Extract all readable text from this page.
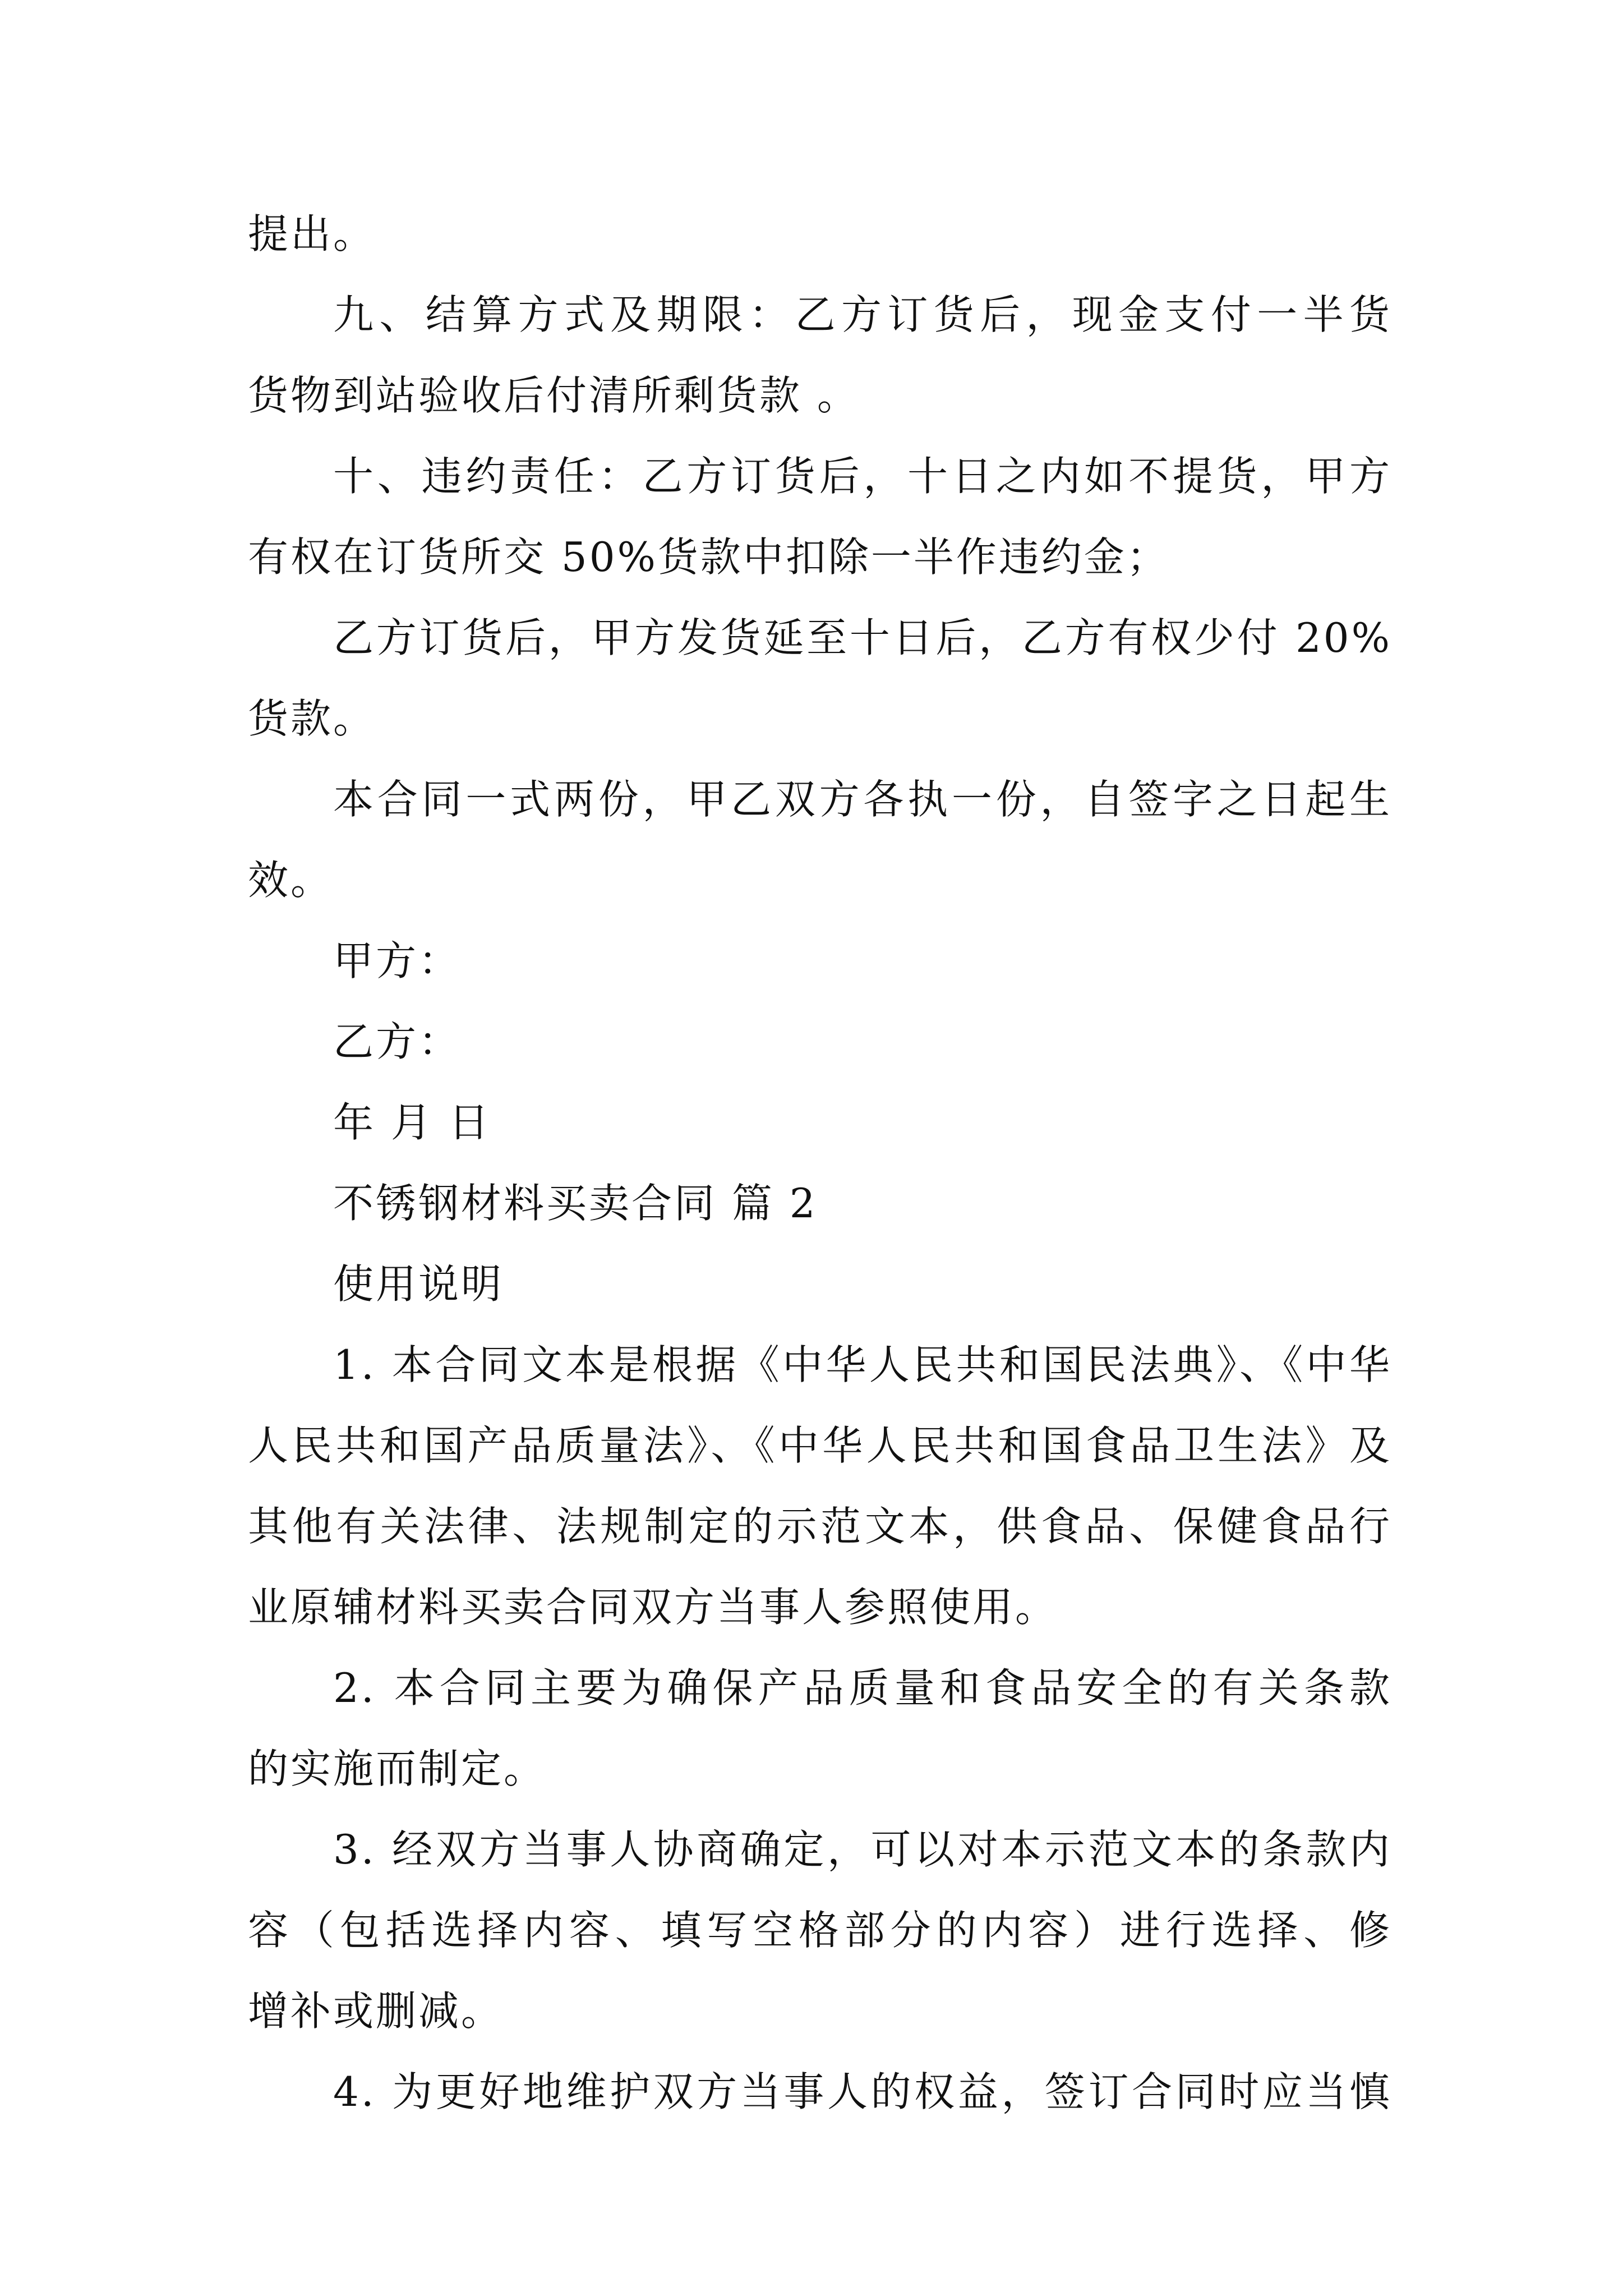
提出。
九、结算方式及期限：乙方订货后，现金支付一半货
货物到站验收后付清所剩货款 。
十、违约责任：乙方订货后，十日之内如不提货，甲方
有权在订货所交 50%货款中扣除一半作违约金；
乙方订货后，甲方发货延至十日后，乙方有权少付 20%
货款。
本合同一式两份，甲乙双方各执一份，自签字之日起生
效。
甲方：
乙方：
年 月 日
不锈钢材料买卖合同 篇 2
使用说明
1. 本合同文本是根据《中华人民共和国民法典》、《中华
人民共和国产品质量法》、《中华人民共和国食品卫生法》及
其他有关法律、法规制定的示范文本，供食品、保健食品行
业原辅材料买卖合同双方当事人参照使用。
2. 本合同主要为确保产品质量和食品安全的有关条款
的实施而制定。
3. 经双方当事人协商确定，可以对本示范文本的条款内
容（包括选择内容、填写空格部分的内容）进行选择、修
增补或删减。
4. 为更好地维护双方当事人的权益，签订合同时应当慎
